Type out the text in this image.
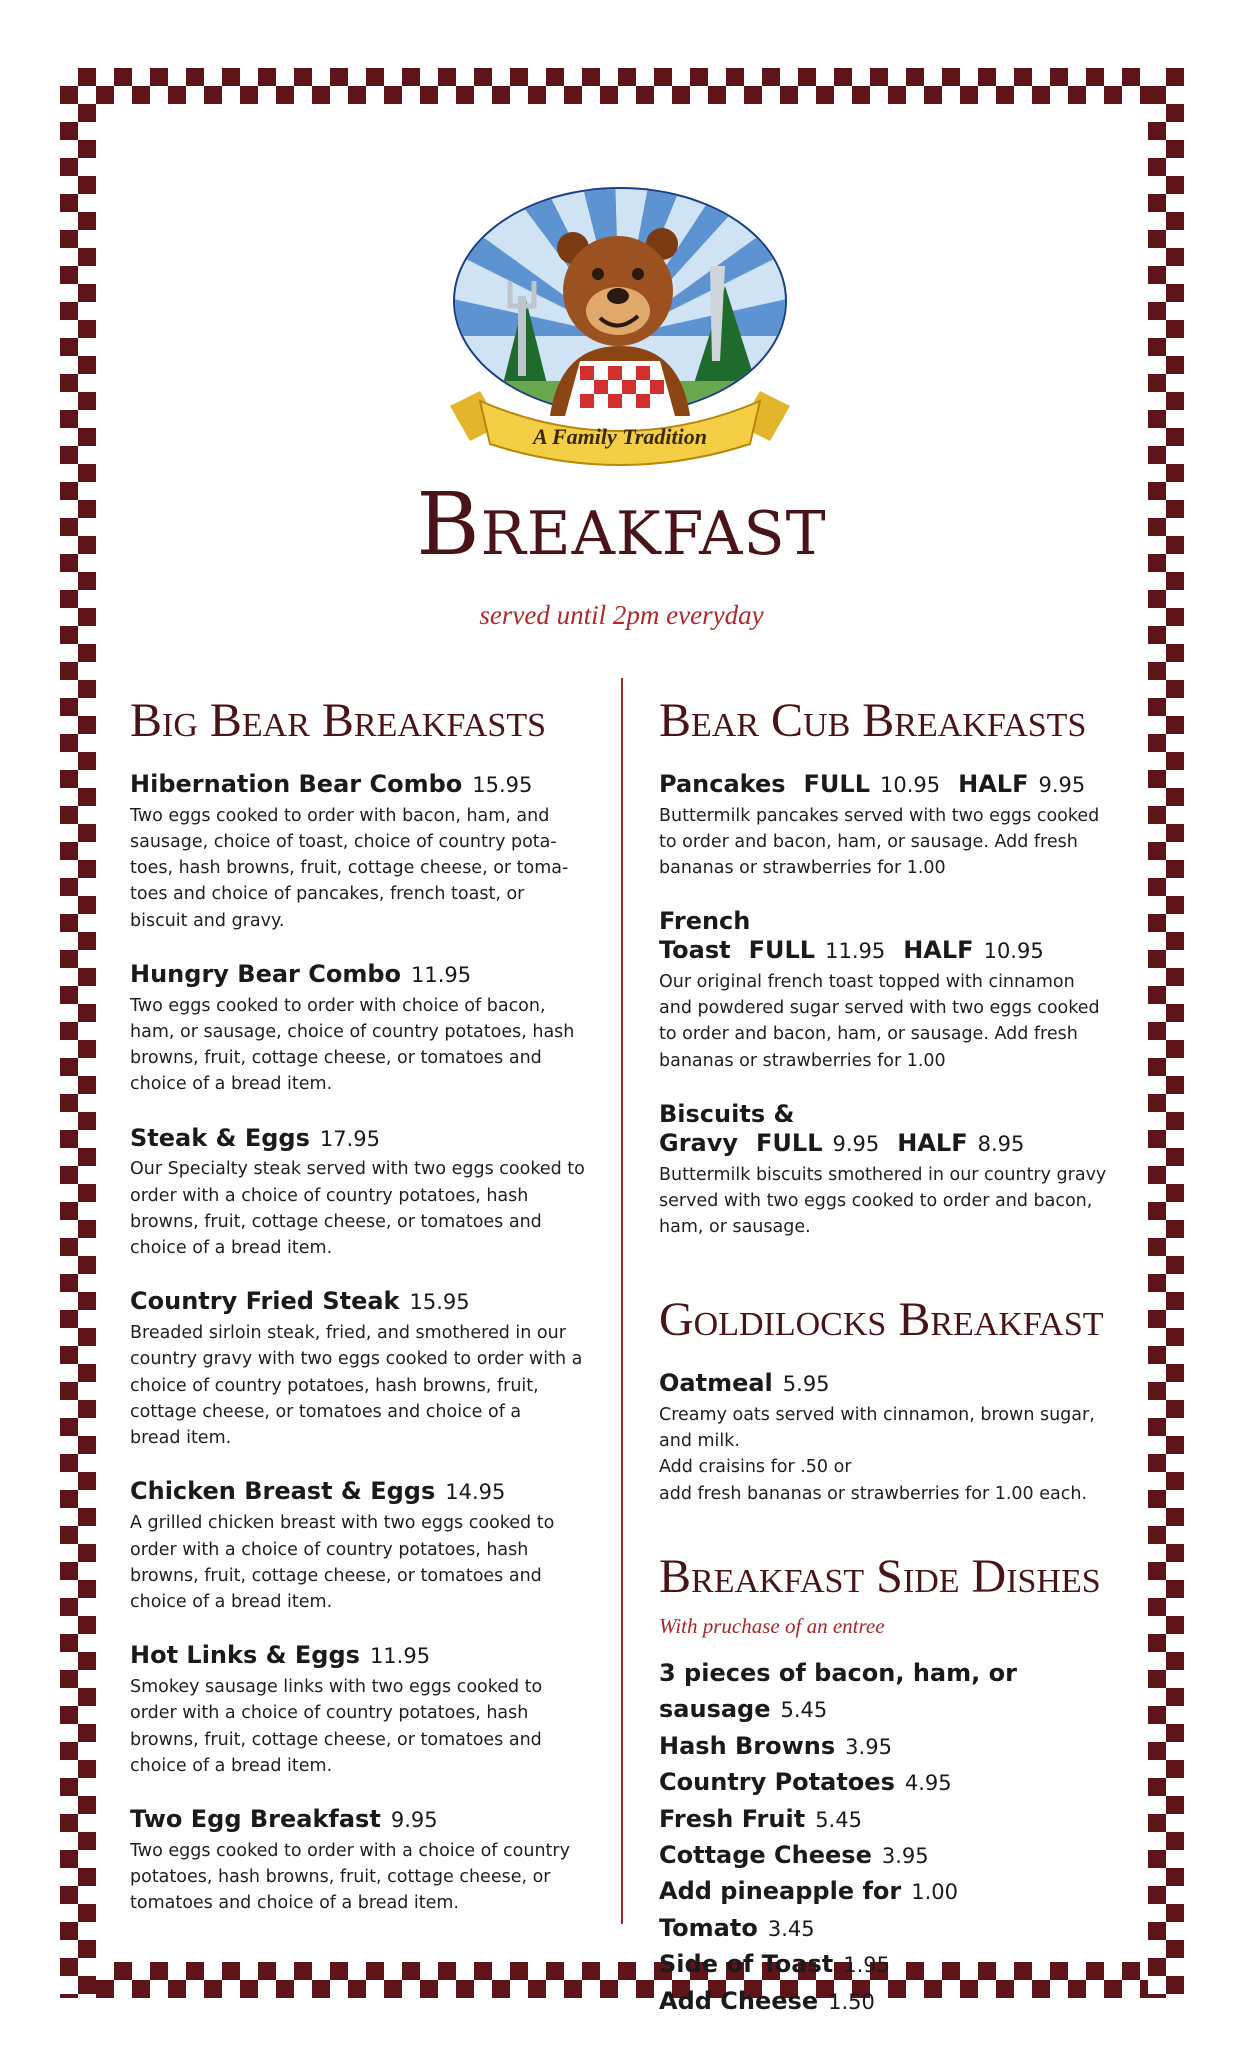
A Family Tradition
Breakfast
served until 2pm everyday
Big Bear Breakfasts
Hibernation Bear Combo 15.95
Two eggs cooked to order with bacon, ham, and
sausage, choice of toast, choice of country pota-
toes, hash browns, fruit, cottage cheese, or toma-
toes and choice of pancakes, french toast, or
biscuit and gravy.
Hungry Bear Combo 11.95
Two eggs cooked to order with choice of bacon,
ham, or sausage, choice of country potatoes, hash
browns, fruit, cottage cheese, or tomatoes and
choice of a bread item.
Steak & Eggs 17.95
Our Specialty steak served with two eggs cooked to
order with a choice of country potatoes, hash
browns, fruit, cottage cheese, or tomatoes and
choice of a bread item.
Country Fried Steak 15.95
Breaded sirloin steak, fried, and smothered in our
country gravy with two eggs cooked to order with a
choice of country potatoes, hash browns, fruit,
cottage cheese, or tomatoes and choice of a
bread item.
Chicken Breast & Eggs 14.95
A grilled chicken breast with two eggs cooked to
order with a choice of country potatoes, hash
browns, fruit, cottage cheese, or tomatoes and
choice of a bread item.
Hot Links & Eggs 11.95
Smokey sausage links with two eggs cooked to
order with a choice of country potatoes, hash
browns, fruit, cottage cheese, or tomatoes and
choice of a bread item.
Two Egg Breakfast 9.95
Two eggs cooked to order with a choice of country
potatoes, hash browns, fruit, cottage cheese, or
tomatoes and choice of a bread item.
Bear Cub Breakfasts
Pancakes FULL 10.95 HALF 9.95
Buttermilk pancakes served with two eggs cooked
to order and bacon, ham, or sausage. Add fresh
bananas or strawberries for 1.00
French Toast FULL 11.95 HALF 10.95
Our original french toast topped with cinnamon
and powdered sugar served with two eggs cooked
to order and bacon, ham, or sausage. Add fresh
bananas or strawberries for 1.00
Biscuits & Gravy FULL 9.95 HALF 8.95
Buttermilk biscuits smothered in our country gravy
served with two eggs cooked to order and bacon,
ham, or sausage.
Goldilocks Breakfast
Oatmeal 5.95
Creamy oats served with cinnamon, brown sugar,
and milk.
Add craisins for .50 or
add fresh bananas or strawberries for 1.00 each.
Breakfast Side Dishes
With pruchase of an entree
3 pieces of bacon, ham, or sausage 5.45
Hash Browns 3.95
Country Potatoes 4.95
Fresh Fruit 5.45
Cottage Cheese 3.95
Add pineapple for 1.00
Tomato 3.45
Side of Toast 1.95
Add Cheese 1.50
